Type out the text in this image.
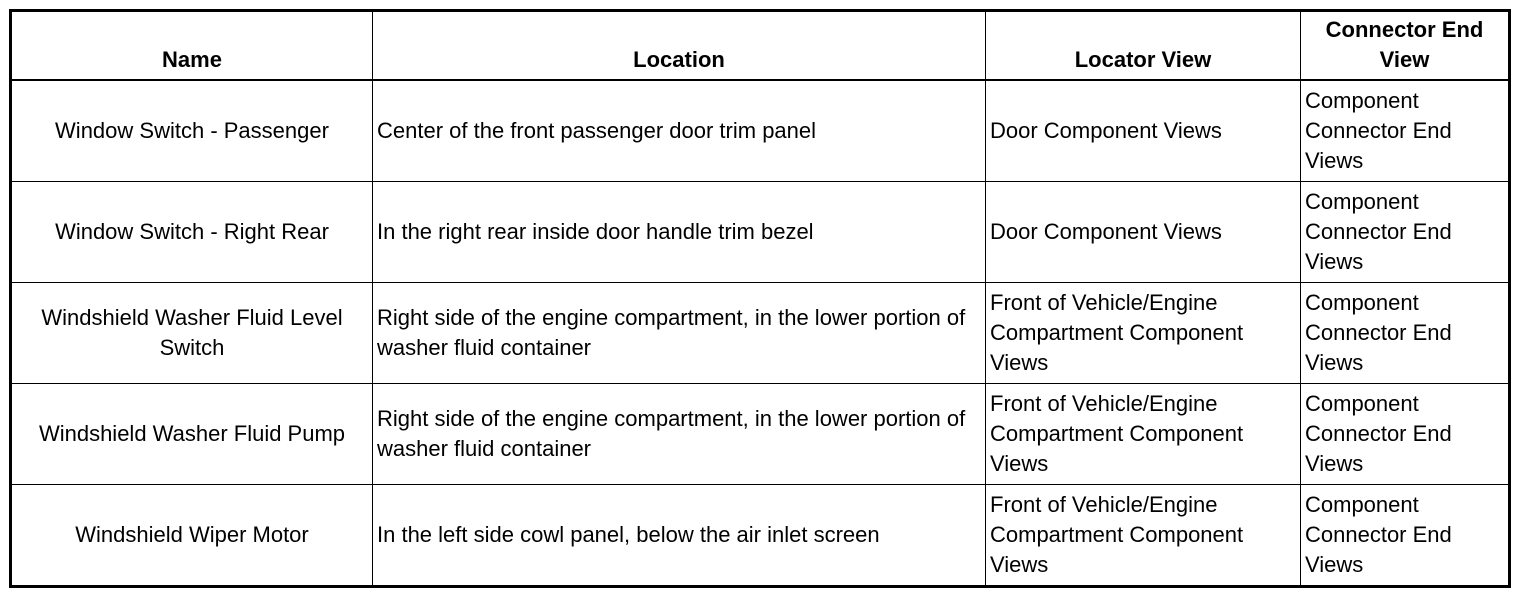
Name	Location	Locator View	Connector End View
Window Switch - Passenger	Center of the front passenger door trim panel	Door Component Views	Component Connector End Views
Window Switch - Right Rear	In the right rear inside door handle trim bezel	Door Component Views	Component Connector End Views
Windshield Washer Fluid Level Switch	Right side of the engine compartment, in the lower portion of washer fluid container	Front of Vehicle/Engine Compartment Component Views	Component Connector End Views
Windshield Washer Fluid Pump	Right side of the engine compartment, in the lower portion of washer fluid container	Front of Vehicle/Engine Compartment Component Views	Component Connector End Views
Windshield Wiper Motor	In the left side cowl panel, below the air inlet screen	Front of Vehicle/Engine Compartment Component Views	Component Connector End Views
